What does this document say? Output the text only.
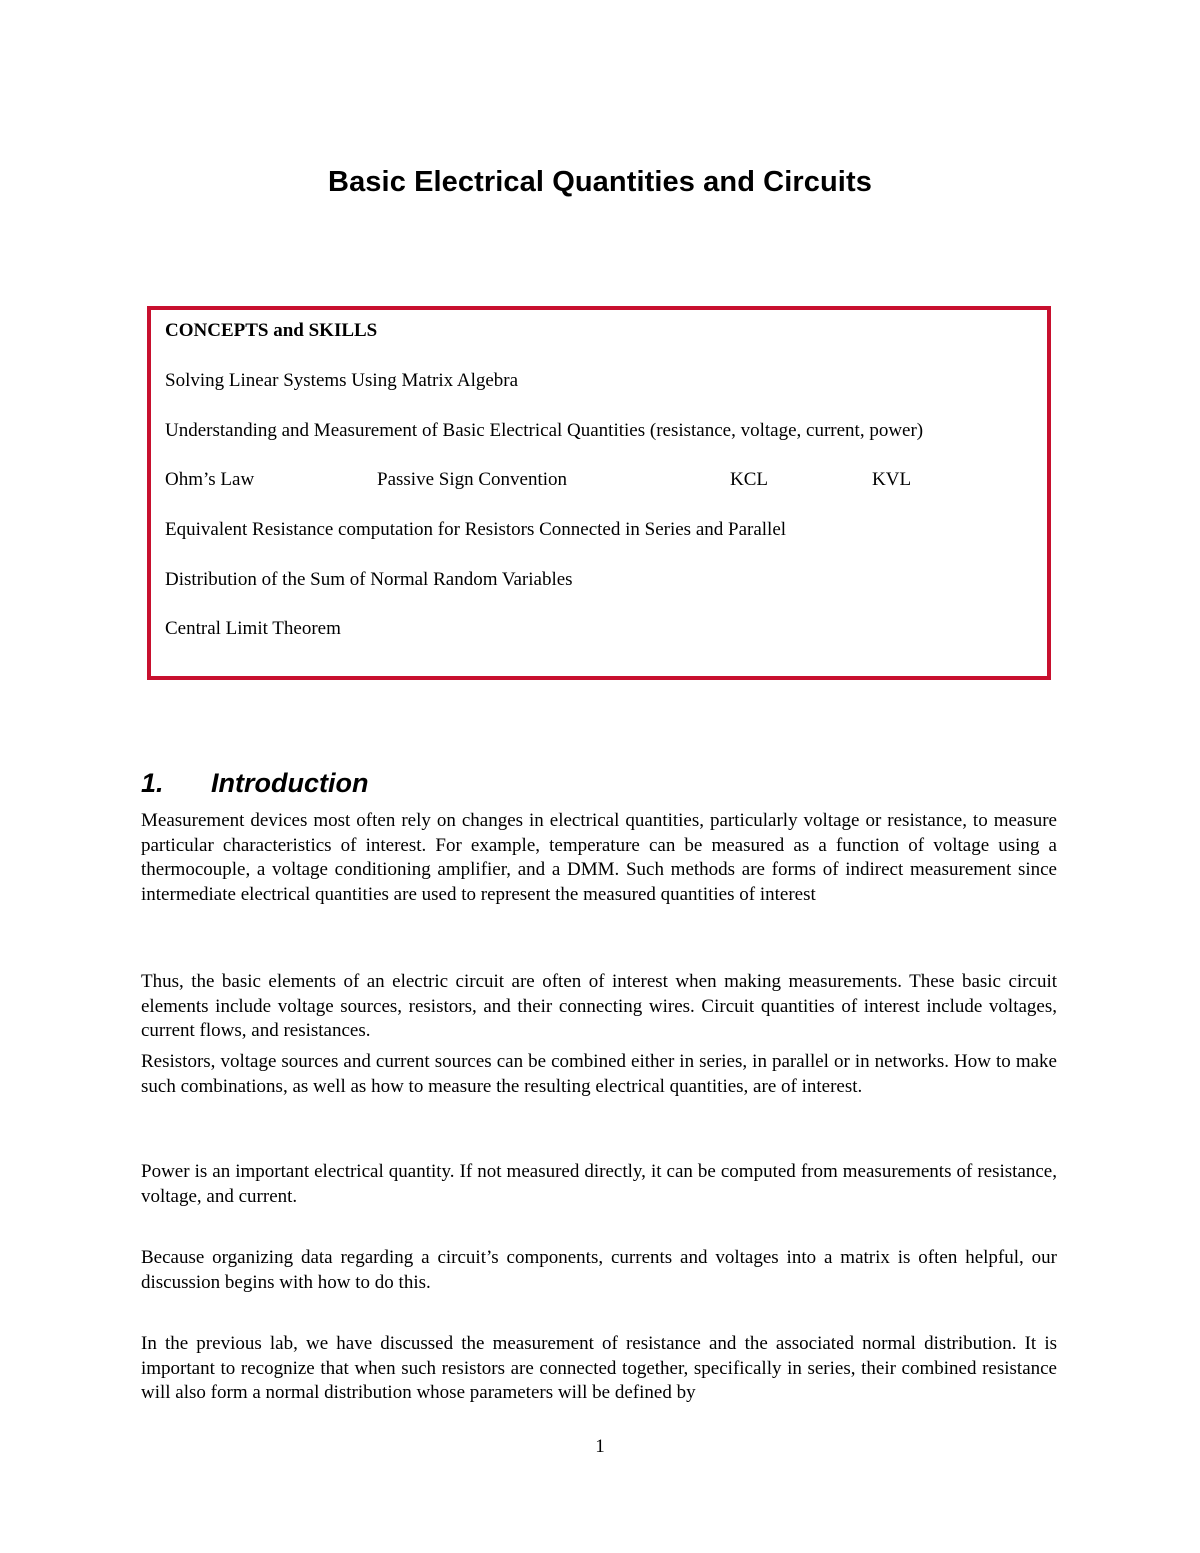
Basic Electrical Quantities and Circuits
CONCEPTS and SKILLS
Solving Linear Systems Using Matrix Algebra
Understanding and Measurement of Basic Electrical Quantities (resistance, voltage, current, power)
Ohm’s Law	Passive Sign Convention	KCL	KVL
Equivalent Resistance computation for Resistors Connected in Series and Parallel
Distribution of the Sum of Normal Random Variables
Central Limit Theorem
1. Introduction

Measurement devices most often rely on changes in electrical quantities, particularly voltage or resistance, to measure particular characteristics of interest. For example, temperature can be measured as a function of voltage using a thermocouple, a voltage conditioning amplifier, and a DMM. Such methods are forms of indirect measurement since intermediate electrical quantities are used to represent the measured quantities of interest

Thus, the basic elements of an electric circuit are often of interest when making measurements. These basic circuit elements include voltage sources, resistors, and their connecting wires. Circuit quantities of interest include voltages, current flows, and resistances.

Resistors, voltage sources and current sources can be combined either in series, in parallel or in networks. How to make such combinations, as well as how to measure the resulting electrical quantities, are of interest.

Power is an important electrical quantity. If not measured directly, it can be computed from measurements of resistance, voltage, and current.

Because organizing data regarding a circuit’s components, currents and voltages into a matrix is often helpful, our discussion begins with how to do this.

In the previous lab, we have discussed the measurement of resistance and the associated normal distribution. It is important to recognize that when such resistors are connected together, specifically in series, their combined resistance will also form a normal distribution whose parameters will be defined by

1
